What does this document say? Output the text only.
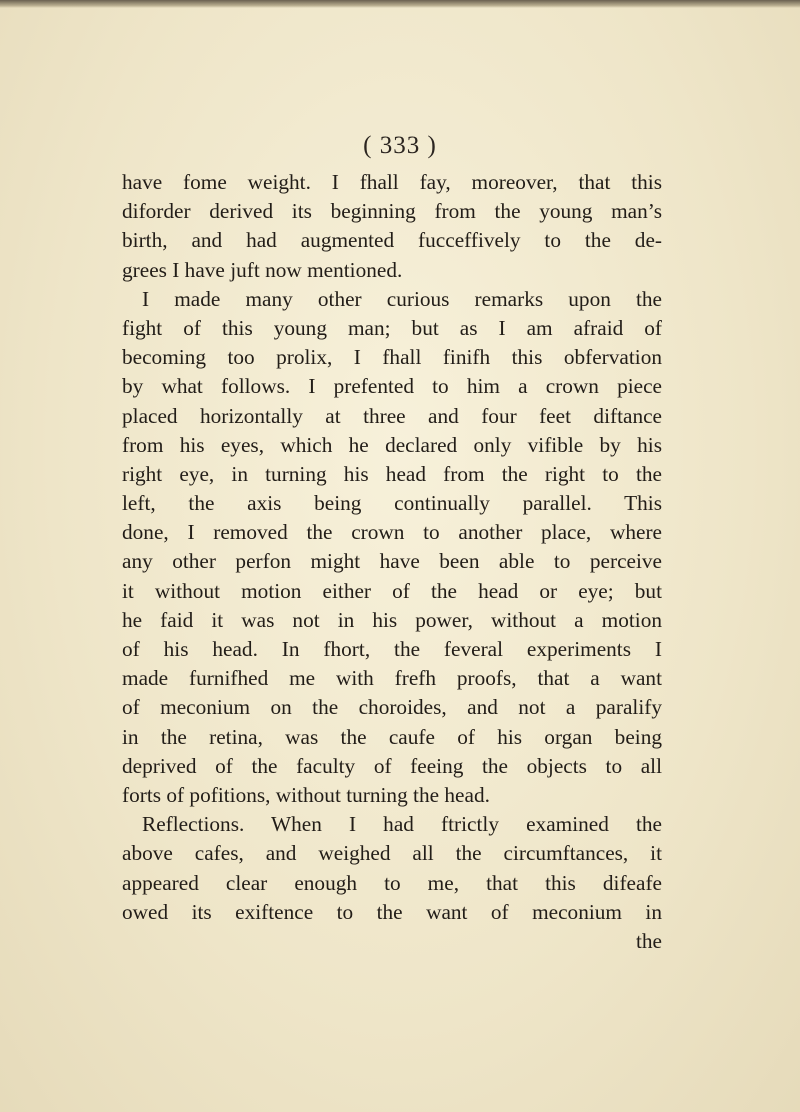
( 333 )
have fome weight. I fhall fay, moreover, that this
diforder derived its beginning from the young man’s
birth, and had augmented fucceffively to the de-
grees I have juft now mentioned.
I made many other curious remarks upon the
fight of this young man; but as I am afraid of
becoming too prolix, I fhall finifh this obfervation
by what follows. I prefented to him a crown piece
placed horizontally at three and four feet diftance
from his eyes, which he declared only vifible by his
right eye, in turning his head from the right to the
left, the axis being continually parallel. This
done, I removed the crown to another place, where
any other perfon might have been able to perceive
it without motion either of the head or eye; but
he faid it was not in his power, without a motion
of his head. In fhort, the feveral experiments I
made furnifhed me with frefh proofs, that a want
of meconium on the choroides, and not a paralify
in the retina, was the caufe of his organ being
deprived of the faculty of feeing the objects to all
forts of pofitions, without turning the head.
Reflections. When I had ftrictly examined the
above cafes, and weighed all the circumftances, it
appeared clear enough to me, that this difeafe
owed its exiftence to the want of meconium in
the
